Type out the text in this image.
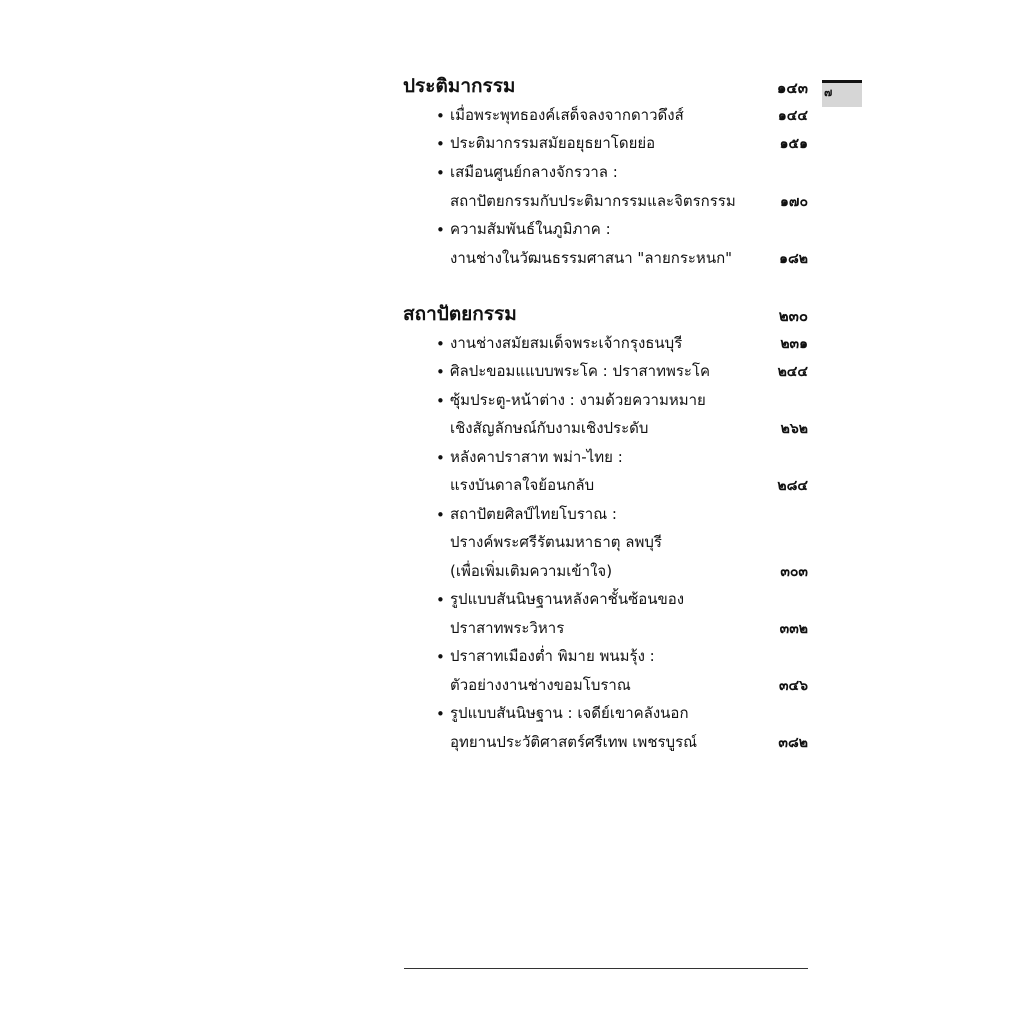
ประติมากรรม	๑๔๓
• เมื่อพระพุทธองค์เสด็จลงจากดาวดึงส์	๑๔๔
• ประติมากรรมสมัยอยุธยาโดยย่อ	๑๕๑
• เสมือนศูนย์กลางจักรวาล :
สถาปัตยกรรมกับประติมากรรมและจิตรกรรม	๑๗๐
• ความสัมพันธ์ในภูมิภาค :
งานช่างในวัฒนธรรมศาสนา "ลายกระหนก"	๑๘๒
สถาปัตยกรรม	๒๓๐
• งานช่างสมัยสมเด็จพระเจ้ากรุงธนบุรี	๒๓๑
• ศิลปะขอมแแบบพระโค : ปราสาทพระโค	๒๔๔
• ซุ้มประตู-หน้าต่าง : งามด้วยความหมาย
เชิงสัญลักษณ์กับงามเชิงประดับ	๒๖๒
• หลังคาปราสาท พม่า-ไทย :
แรงบันดาลใจย้อนกลับ	๒๘๔
• สถาปัตยศิลป์ไทยโบราณ :
ปรางค์พระศรีรัตนมหาธาตุ ลพบุรี
(เพื่อเพิ่มเติมความเข้าใจ)	๓๐๓
• รูปแบบสันนิษฐานหลังคาชั้นซ้อนของ
ปราสาทพระวิหาร	๓๓๒
• ปราสาทเมืองต่ำ พิมาย พนมรุ้ง :
ตัวอย่างงานช่างขอมโบราณ	๓๔๖
• รูปแบบสันนิษฐาน : เจดีย์เขาคลังนอก
อุทยานประวัติศาสตร์ศรีเทพ เพชรบูรณ์	๓๘๒
๗
